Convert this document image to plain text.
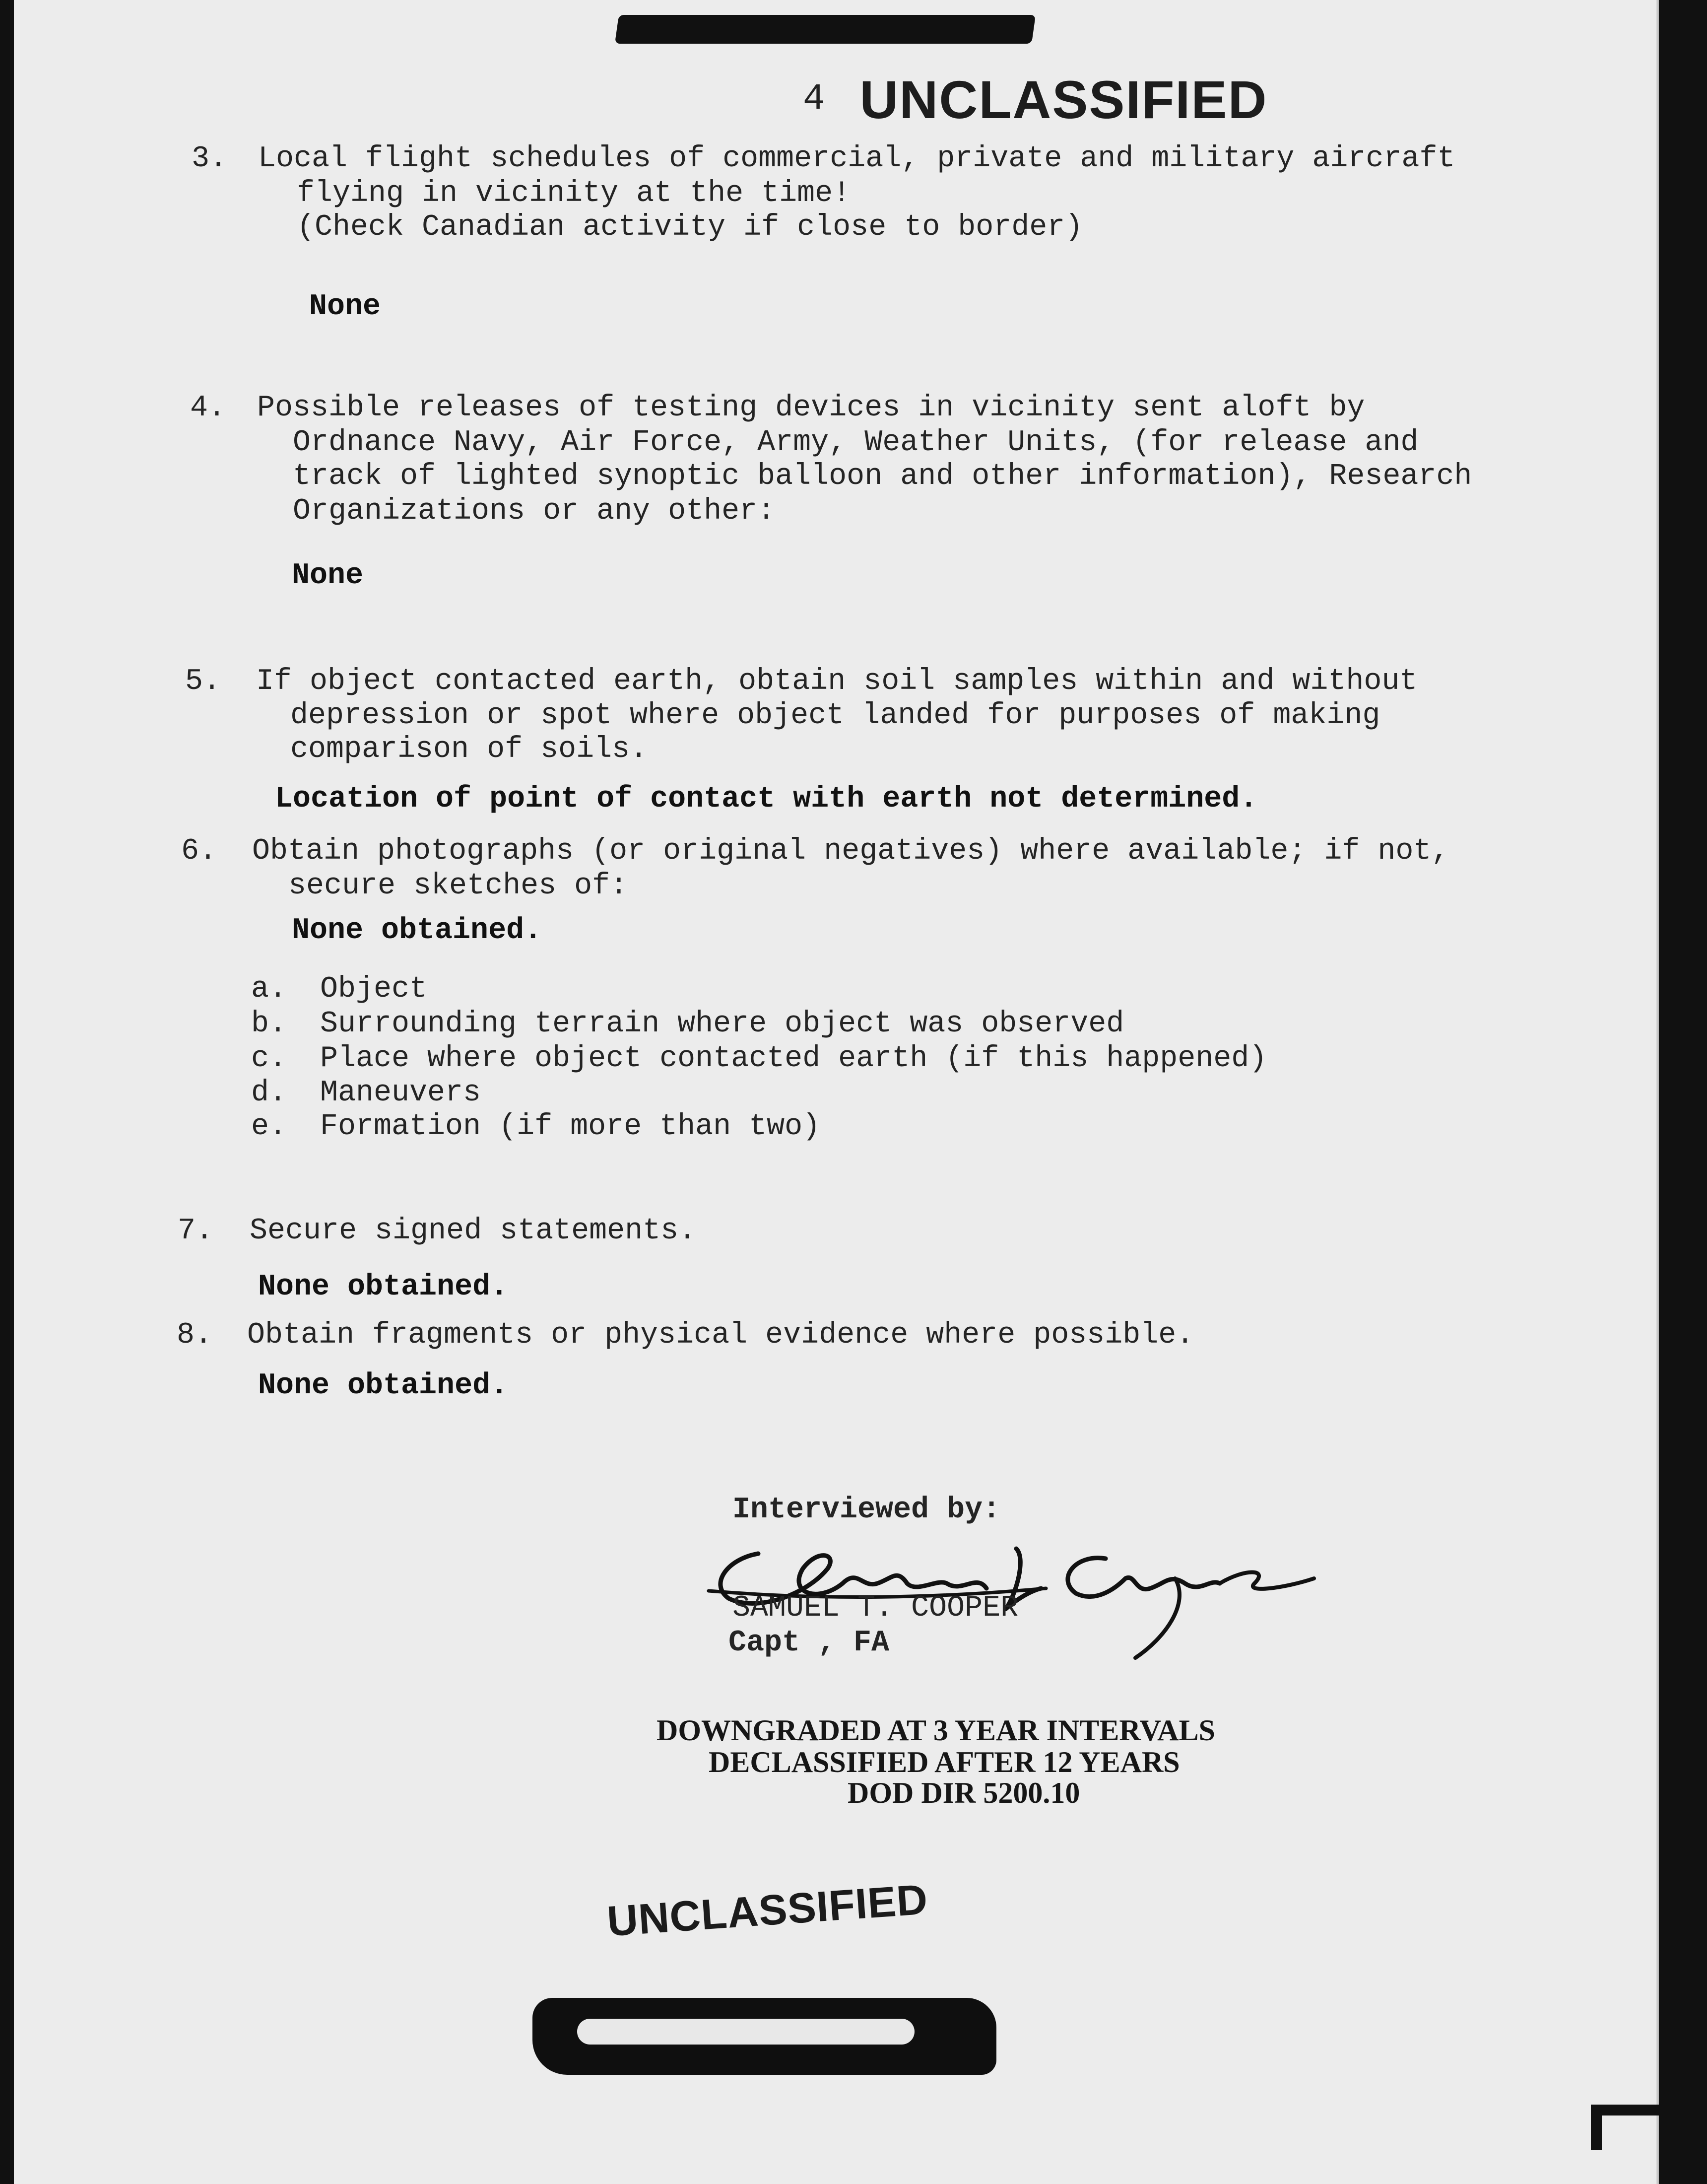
4 UNCLASSIFIED
3. Local flight schedules of commercial, private and military aircraft
flying in vicinity at the time!
(Check Canadian activity if close to border)
None
4. Possible releases of testing devices in vicinity sent aloft by
Ordnance Navy, Air Force, Army, Weather Units, (for release and
track of lighted synoptic balloon and other information), Research
Organizations or any other:
None
5. If object contacted earth, obtain soil samples within and without
depression or spot where object landed for purposes of making
comparison of soils.
Location of point of contact with earth not determined.
6. Obtain photographs (or original negatives) where available; if not,
secure sketches of:
None obtained.
a. Object
b. Surrounding terrain where object was observed
c. Place where object contacted earth (if this happened)
d. Maneuvers
e. Formation (if more than two)
7. Secure signed statements.
None obtained.
8. Obtain fragments or physical evidence where possible.
None obtained.
Interviewed by:
SAMUEL T. COOPER
Capt , FA
DOWNGRADED AT 3 YEAR INTERVALS
DECLASSIFIED AFTER 12 YEARS
DOD DIR 5200.10
UNCLASSIFIED
